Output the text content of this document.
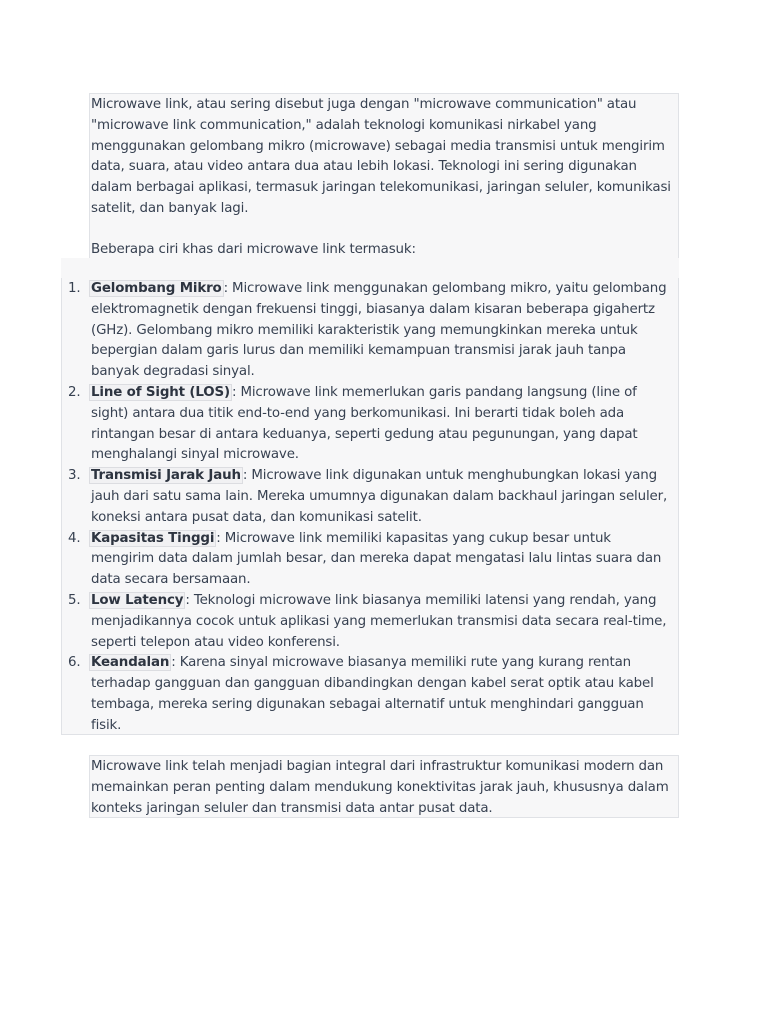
Microwave link, atau sering disebut juga dengan "microwave communication" atau "microwave link communication," adalah teknologi komunikasi nirkabel yang menggunakan gelombang mikro (microwave) sebagai media transmisi untuk mengirim data, suara, atau video antara dua atau lebih lokasi. Teknologi ini sering digunakan dalam berbagai aplikasi, termasuk jaringan telekomunikasi, jaringan seluler, komunikasi satelit, dan banyak lagi.

Beberapa ciri khas dari microwave link termasuk:

1. Gelombang Mikro : Microwave link menggunakan gelombang mikro, yaitu gelombang elektromagnetik dengan frekuensi tinggi, biasanya dalam kisaran beberapa gigahertz (GHz). Gelombang mikro memiliki karakteristik yang memungkinkan mereka untuk bepergian dalam garis lurus dan memiliki kemampuan transmisi jarak jauh tanpa banyak degradasi sinyal.
2. Line of Sight (LOS) : Microwave link memerlukan garis pandang langsung (line of sight) antara dua titik end-to-end yang berkomunikasi. Ini berarti tidak boleh ada rintangan besar di antara keduanya, seperti gedung atau pegunungan, yang dapat menghalangi sinyal microwave.
3. Transmisi Jarak Jauh : Microwave link digunakan untuk menghubungkan lokasi yang jauh dari satu sama lain. Mereka umumnya digunakan dalam backhaul jaringan seluler, koneksi antara pusat data, dan komunikasi satelit.
4. Kapasitas Tinggi : Microwave link memiliki kapasitas yang cukup besar untuk mengirim data dalam jumlah besar, dan mereka dapat mengatasi lalu lintas suara dan data secara bersamaan.
5. Low Latency : Teknologi microwave link biasanya memiliki latensi yang rendah, yang menjadikannya cocok untuk aplikasi yang memerlukan transmisi data secara real-time, seperti telepon atau video konferensi.
6. Keandalan : Karena sinyal microwave biasanya memiliki rute yang kurang rentan terhadap gangguan dan gangguan dibandingkan dengan kabel serat optik atau kabel tembaga, mereka sering digunakan sebagai alternatif untuk menghindari gangguan fisik.

Microwave link telah menjadi bagian integral dari infrastruktur komunikasi modern dan memainkan peran penting dalam mendukung konektivitas jarak jauh, khususnya dalam konteks jaringan seluler dan transmisi data antar pusat data.
